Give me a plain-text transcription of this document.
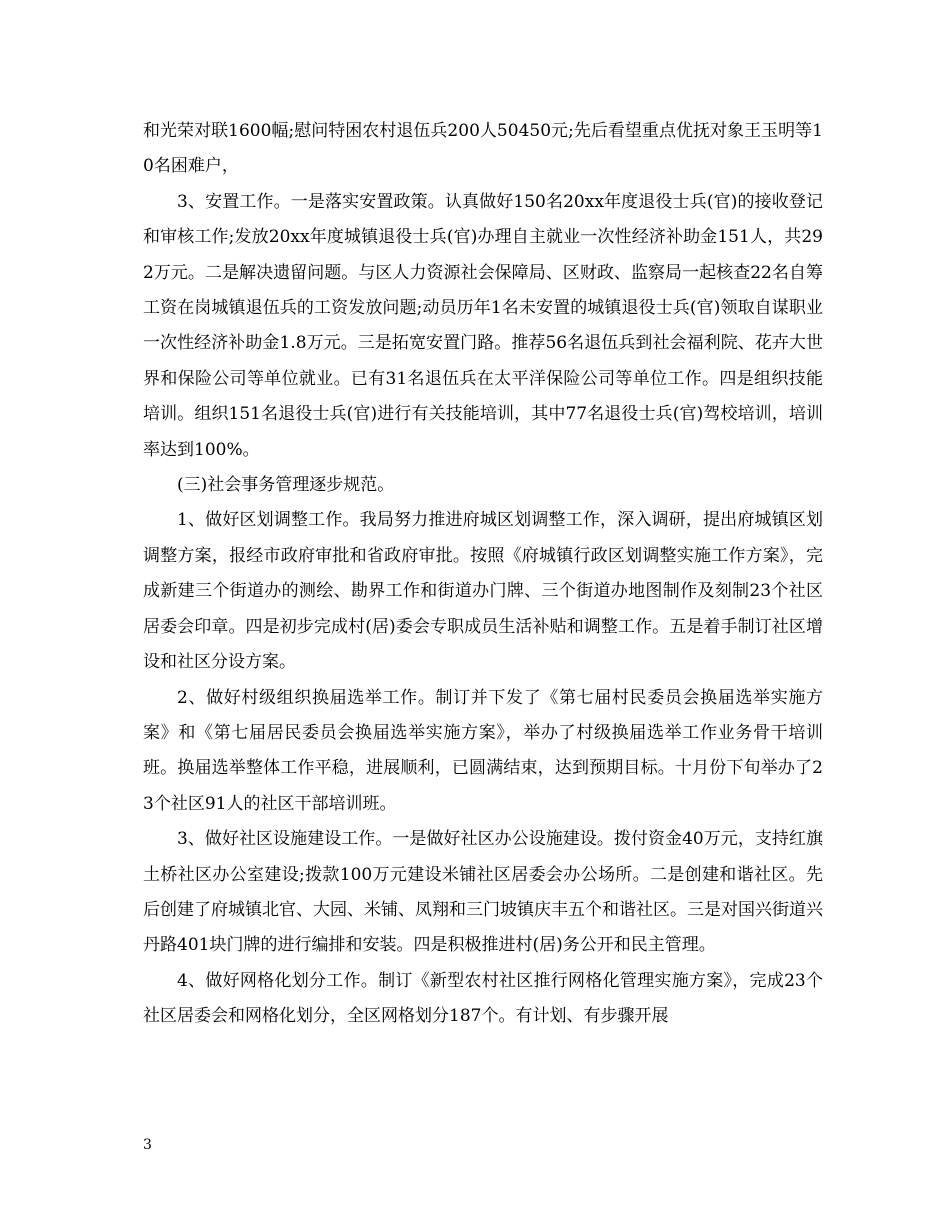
和光荣对联1600幅;慰问特困农村退伍兵200人50450元;先后看望重点优抚对象王玉明等10名困难户，

3、安置工作。一是落实安置政策。认真做好150名20xx年度退役士兵(官)的接收登记和审核工作;发放20xx年度城镇退役士兵(官)办理自主就业一次性经济补助金151人，共292万元。二是解决遗留问题。与区人力资源社会保障局、区财政、监察局一起核查22名自筹工资在岗城镇退伍兵的工资发放问题;动员历年1名未安置的城镇退役士兵(官)领取自谋职业一次性经济补助金1.8万元。三是拓宽安置门路。推荐56名退伍兵到社会福利院、花卉大世界和保险公司等单位就业。已有31名退伍兵在太平洋保险公司等单位工作。四是组织技能培训。组织151名退役士兵(官)进行有关技能培训，其中77名退役士兵(官)驾校培训，培训率达到100%。

(三)社会事务管理逐步规范。

1、做好区划调整工作。我局努力推进府城区划调整工作，深入调研，提出府城镇区划调整方案，报经市政府审批和省政府审批。按照《府城镇行政区划调整实施工作方案》，完成新建三个街道办的测绘、勘界工作和街道办门牌、三个街道办地图制作及刻制23个社区居委会印章。四是初步完成村(居)委会专职成员生活补贴和调整工作。五是着手制订社区增设和社区分设方案。

2、做好村级组织换届选举工作。制订并下发了《第七届村民委员会换届选举实施方案》和《第七届居民委员会换届选举实施方案》，举办了村级换届选举工作业务骨干培训班。换届选举整体工作平稳，进展顺利，已圆满结束，达到预期目标。十月份下旬举办了23个社区91人的社区干部培训班。

3、做好社区设施建设工作。一是做好社区办公设施建设。拨付资金40万元，支持红旗土桥社区办公室建设;拨款100万元建设米铺社区居委会办公场所。二是创建和谐社区。先后创建了府城镇北官、大园、米铺、凤翔和三门坡镇庆丰五个和谐社区。三是对国兴街道兴丹路401块门牌的进行编排和安装。四是积极推进村(居)务公开和民主管理。

4、做好网格化划分工作。制订《新型农村社区推行网格化管理实施方案》，完成23个社区居委会和网格化划分，全区网格划分187个。有计划、有步骤开展

3
